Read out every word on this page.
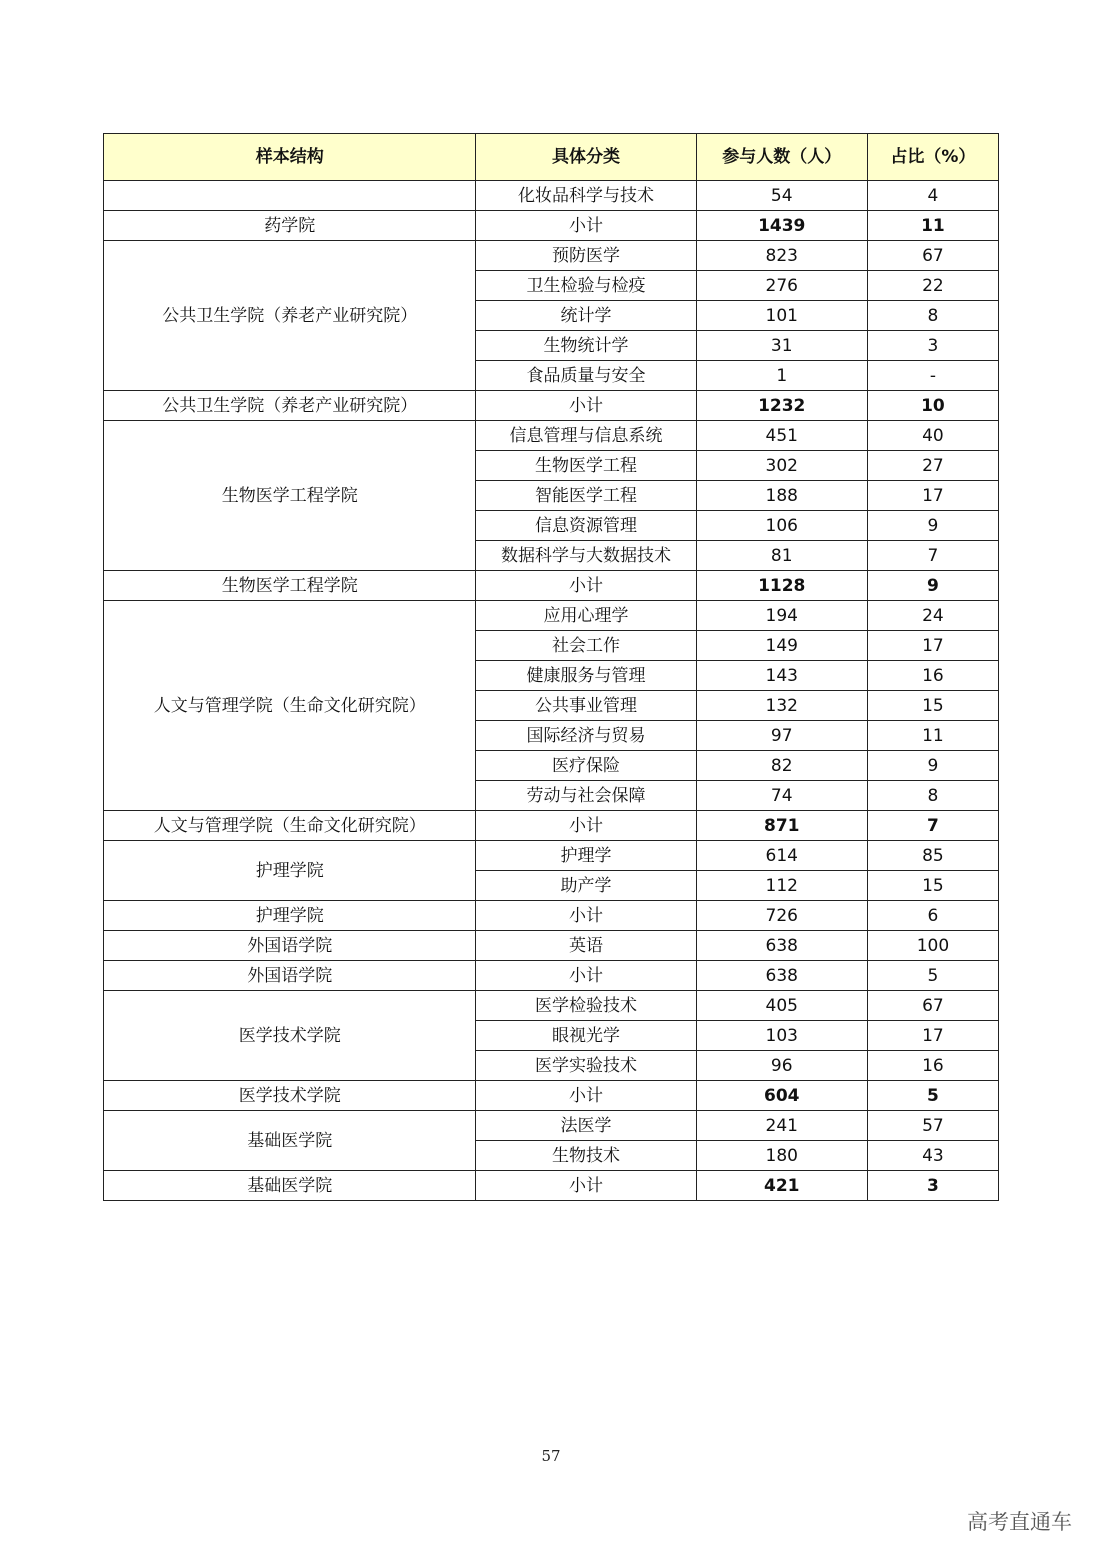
样本结构	具体分类	参与人数（人）	占比（%）
	化妆品科学与技术	54	4
药学院	小计	1439	11
公共卫生学院（养老产业研究院）	预防医学	823	67
	卫生检验与检疫	276	22
	统计学	101	8
	生物统计学	31	3
	食品质量与安全	1	-
公共卫生学院（养老产业研究院）	小计	1232	10
生物医学工程学院	信息管理与信息系统	451	40
	生物医学工程	302	27
	智能医学工程	188	17
	信息资源管理	106	9
	数据科学与大数据技术	81	7
生物医学工程学院	小计	1128	9
人文与管理学院（生命文化研究院）	应用心理学	194	24
	社会工作	149	17
	健康服务与管理	143	16
	公共事业管理	132	15
	国际经济与贸易	97	11
	医疗保险	82	9
	劳动与社会保障	74	8
人文与管理学院（生命文化研究院）	小计	871	7
护理学院	护理学	614	85
	助产学	112	15
护理学院	小计	726	6
外国语学院	英语	638	100
外国语学院	小计	638	5
医学技术学院	医学检验技术	405	67
	眼视光学	103	17
	医学实验技术	96	16
医学技术学院	小计	604	5
基础医学院	法医学	241	57
	生物技术	180	43
基础医学院	小计	421	3
57
高考直通车
